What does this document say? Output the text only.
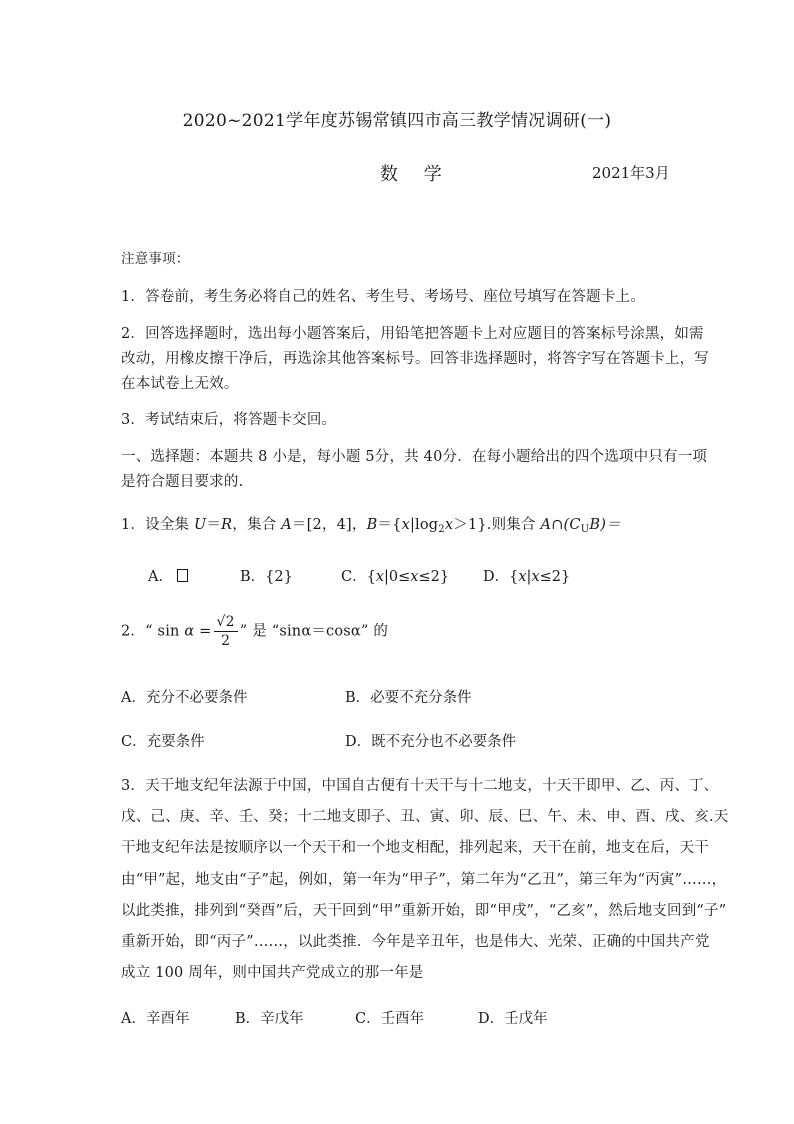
2020~2021学年度苏锡常镇四市高三教学情况调研(一)
数 学	2021年3月
注意事项：
1．答卷前，考生务必将自己的姓名、考生号、考场号、座位号填写在答题卡上。
2．回答选择题时，选出每小题答案后，用铅笔把答题卡上对应题目的答案标号涂黑，如需
改动，用橡皮擦干净后，再选涂其他答案标号。回答非选择题时，将答字写在答题卡上，写
在本试卷上无效。
3．考试结束后，将答题卡交回。
一、选择题：本题共 8 小是，每小题 5分，共 40分．在每小题给出的四个选项中只有一项
是符合题目要求的.
1．设全集 U＝R，集合 A＝[2，4]，$B=\{x|\log_2x>1\}$.则集合 $A\cap(C_UB)=$
A．	B．{2}	C．{x|0≤x≤2} D．{x|x≤2}
2．“ $\sin \alpha = \frac{√2}{2}$ ” 是 “sinα＝cosα” 的
A．充分不必要条件	B．必要不充分条件
C．充要条件	D．既不充分也不必要条件
3．天干地支纪年法源于中国，中国自古便有十天干与十二地支，十天干即甲、乙、丙、丁、
戊、己、庚、辛、壬、癸；十二地支即子、丑、寅、卯、辰、巳、午、未、申、酉、戌、亥.天
干地支纪年法是按顺序以一个天干和一个地支相配，排列起来，天干在前，地支在后，天干
由“甲”起，地支由“子”起，例如，第一年为“甲子”，第二年为“乙丑”，第三年为“丙寅”……，
以此类推，排列到“癸酉”后，天干回到“甲”重新开始，即“甲戌”，“乙亥”，然后地支回到“子”
重新开始，即“丙子”……，以此类推．今年是辛丑年，也是伟大、光荣、正确的中国共产党
成立 100 周年，则中国共产党成立的那一年是
A．辛酉年	B．辛戊年	C．壬酉年	D．壬戊年
